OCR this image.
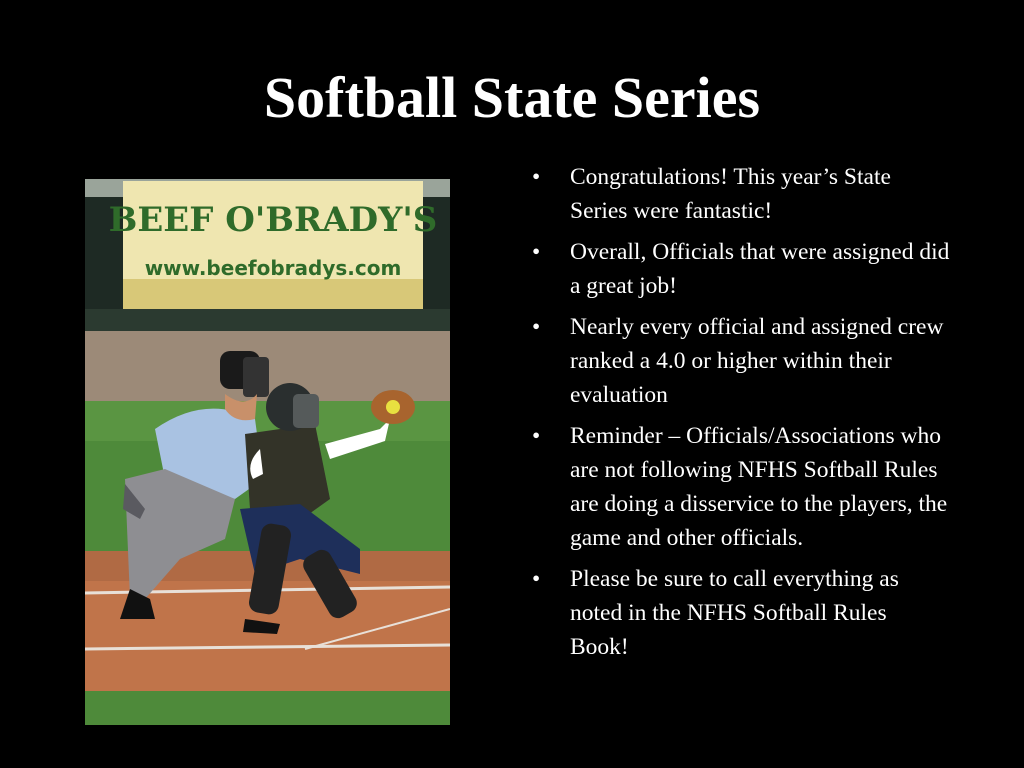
Softball State Series
BEEF O'BRADY'S
www.beefobradys.com
•	Congratulations! This year’s State Series were fantastic!
•	Overall, Officials that were assigned did a great job!
•	Nearly every official and assigned crew ranked a 4.0 or higher within their evaluation
•	Reminder – Officials/Associations who are not following NFHS Softball Rules are doing a disservice to the players, the game and other officials.
•	Please be sure to call everything as noted in the NFHS Softball Rules Book!
